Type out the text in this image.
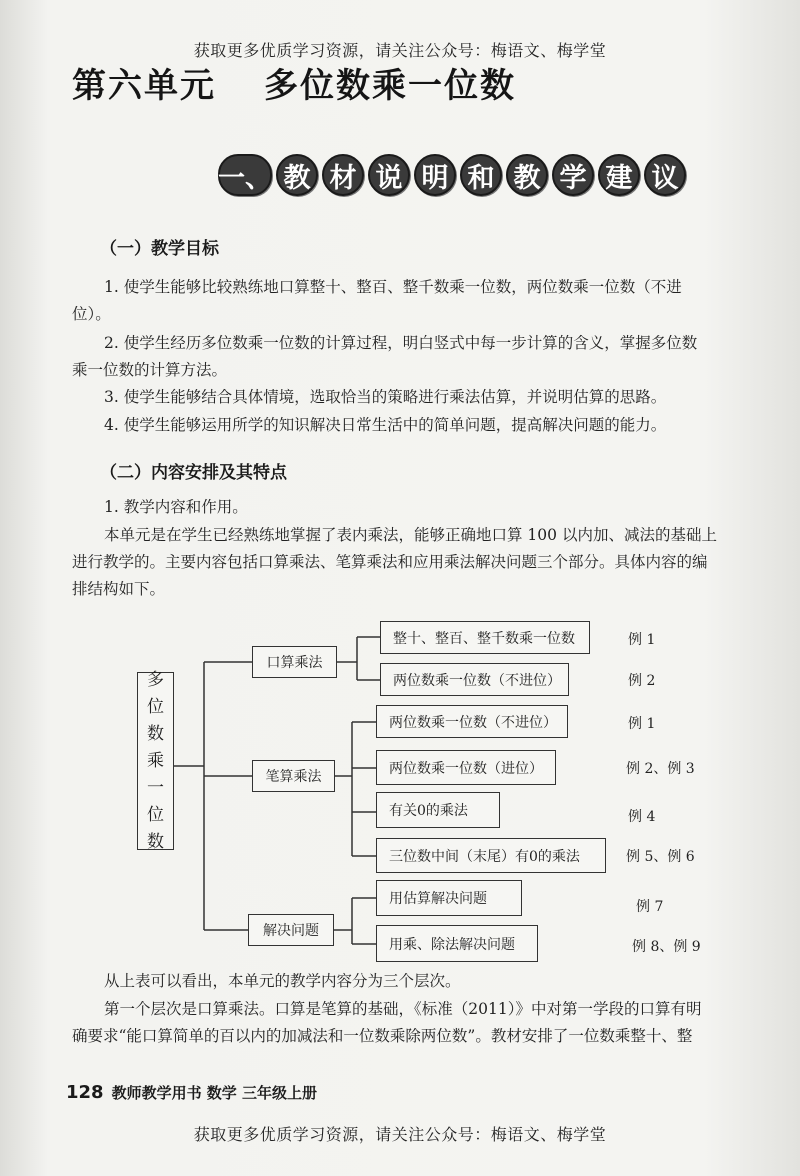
获取更多优质学习资源，请关注公众号：梅语文、梅学堂
第六单元 多位数乘一位数
一、 教 材 说 明 和 教 学 建 议
（一）教学目标
1. 使学生能够比较熟练地口算整十、整百、整千数乘一位数，两位数乘一位数（不进
位）。
2. 使学生经历多位数乘一位数的计算过程，明白竖式中每一步计算的含义，掌握多位数
乘一位数的计算方法。
3. 使学生能够结合具体情境，选取恰当的策略进行乘法估算，并说明估算的思路。
4. 使学生能够运用所学的知识解决日常生活中的简单问题，提高解决问题的能力。
（二）内容安排及其特点
1. 教学内容和作用。
本单元是在学生已经熟练地掌握了表内乘法，能够正确地口算 100 以内加、减法的基础上
进行教学的。主要内容包括口算乘法、笔算乘法和应用乘法解决问题三个部分。具体内容的编
排结构如下。
多
位
数
乘
一
位
数
口算乘法
笔算乘法
解决问题
整十、整百、整千数乘一位数
两位数乘一位数（不进位）
两位数乘一位数（不进位）
两位数乘一位数（进位）
有关0的乘法
三位数中间（末尾）有0的乘法
用估算解决问题
用乘、除法解决问题
例 1
例 2
例 1
例 2、例 3
例 4
例 5、例 6
例 7
例 8、例 9
从上表可以看出，本单元的教学内容分为三个层次。
第一个层次是口算乘法。口算是笔算的基础，《标准（2011）》中对第一学段的口算有明
确要求“能口算简单的百以内的加减法和一位数乘除两位数”。教材安排了一位数乘整十、整
128 教师教学用书 数学 三年级上册
获取更多优质学习资源，请关注公众号：梅语文、梅学堂
